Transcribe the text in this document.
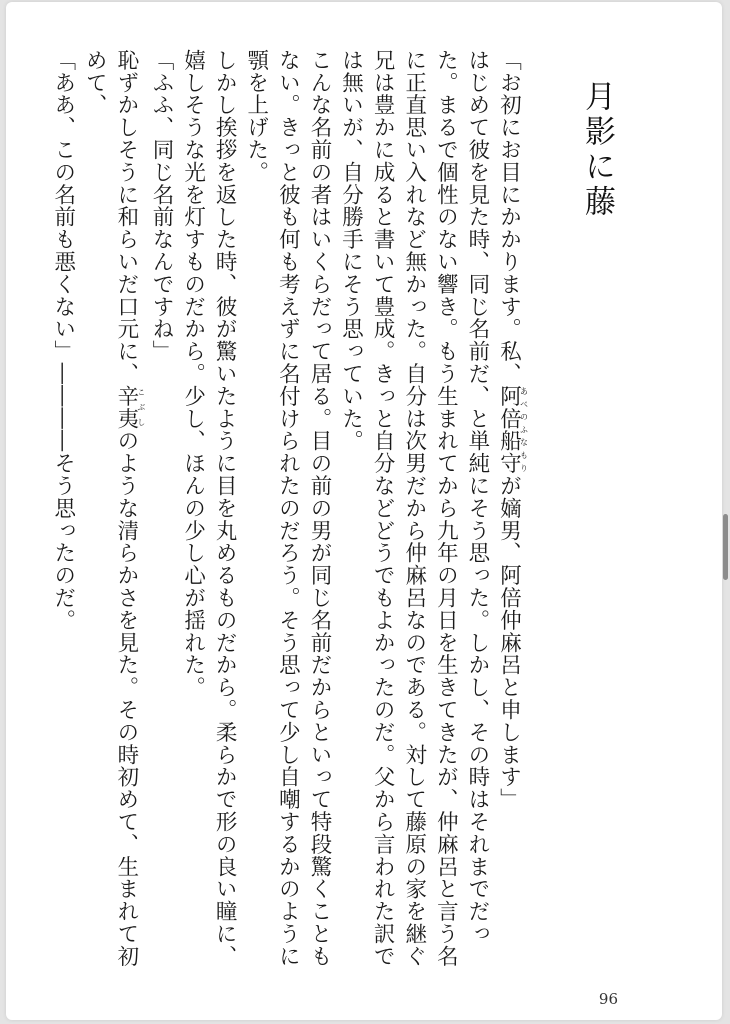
月影に藤

「お初にお目にかかります。私、阿倍船守あべのふなもりが嫡男、阿倍仲麻呂と申します」

はじめて彼を見た時、同じ名前だ、と単純にそう思った。しかし、その時はそれまでだった。まるで個性のない響き。もう生まれてから九年の月日を生きてきたが、仲麻呂と言う名に正直思い入れなど無かった。自分は次男だから仲麻呂なのである。対して藤原の家を継ぐ兄は豊かに成ると書いて豊成。きっと自分などどうでもよかったのだ。父から言われた訳では無いが、自分勝手にそう思っていた。

こんな名前の者はいくらだって居る。目の前の男が同じ名前だからといって特段驚くこともない。きっと彼も何も考えずに名付けられたのだろう。そう思って少し自嘲するかのように顎を上げた。

しかし挨拶を返した時、彼が驚いたように目を丸めるものだから。柔らかで形の良い瞳に、嬉しそうな光を灯すものだから。少し、ほんの少し心が揺れた。

「ふふ、同じ名前なんですね」

恥ずかしそうに和らいだ口元に、辛夷こぶしのような清らかさを見た。その時初めて、生まれて初めて、

「ああ、この名前も悪くない」――――そう思ったのだ。

96
